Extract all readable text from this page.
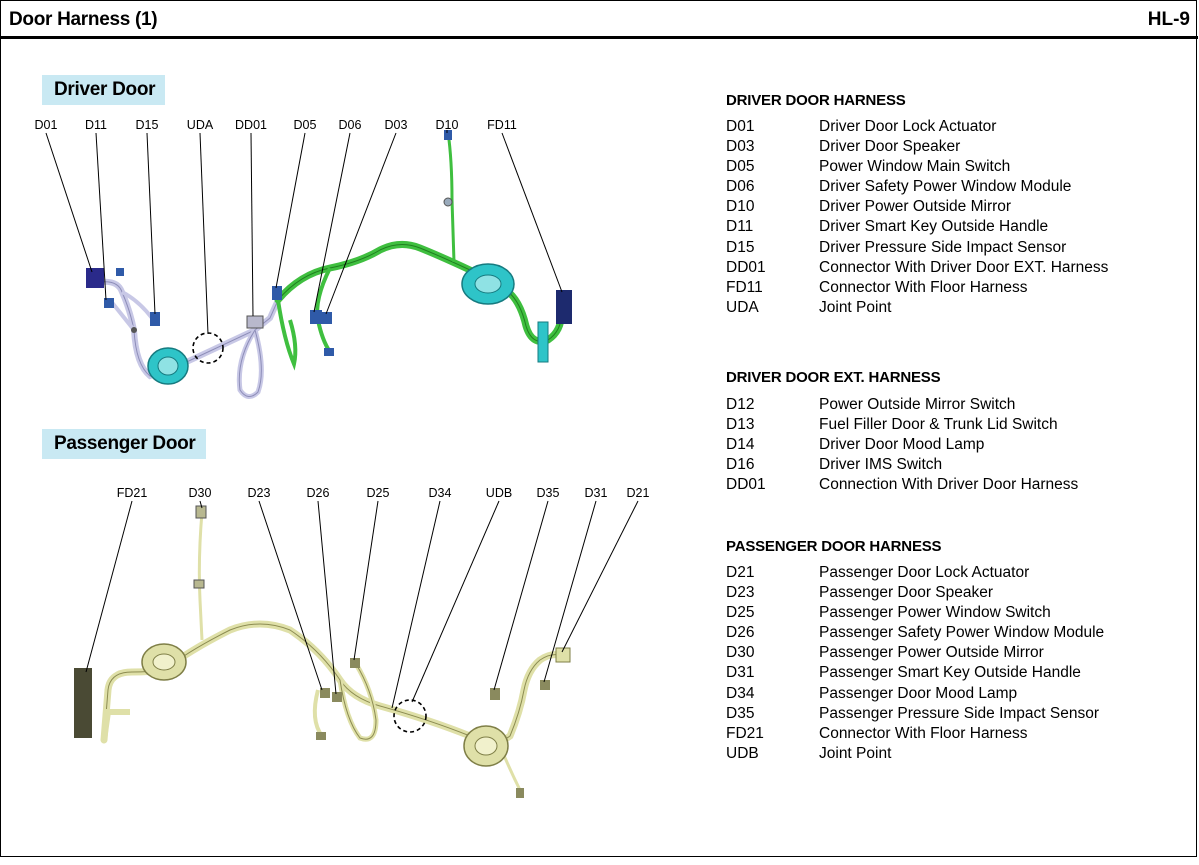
Door Harness (1)	HL-9
Driver Door
Passenger Door
D01 D11 D15 UDA DD01 D05 D06 D03 D10 FD11
FD21	D30	D23	D26	D25	D34	UDB D35 D31 D21
DRIVER DOOR HARNESS
D01	Driver Door Lock Actuator
D03	Driver Door Speaker
D05	Power Window Main Switch
D06	Driver Safety Power Window Module
D10	Driver Power Outside Mirror
D11	Driver Smart Key Outside Handle
D15	Driver Pressure Side Impact Sensor
DD01	Connector With Driver Door EXT. Harness
FD11	Connector With Floor Harness
UDA	Joint Point
DRIVER DOOR EXT. HARNESS
D12	Power Outside Mirror Switch
D13	Fuel Filler Door & Trunk Lid Switch
D14	Driver Door Mood Lamp
D16	Driver IMS Switch
DD01	Connection With Driver Door Harness
PASSENGER DOOR HARNESS
D21	Passenger Door Lock Actuator
D23	Passenger Door Speaker
D25	Passenger Power Window Switch
D26	Passenger Safety Power Window Module
D30	Passenger Power Outside Mirror
D31	Passenger Smart Key Outside Handle
D34	Passenger Door Mood Lamp
D35	Passenger Pressure Side Impact Sensor
FD21	Connector With Floor Harness
UDB	Joint Point
